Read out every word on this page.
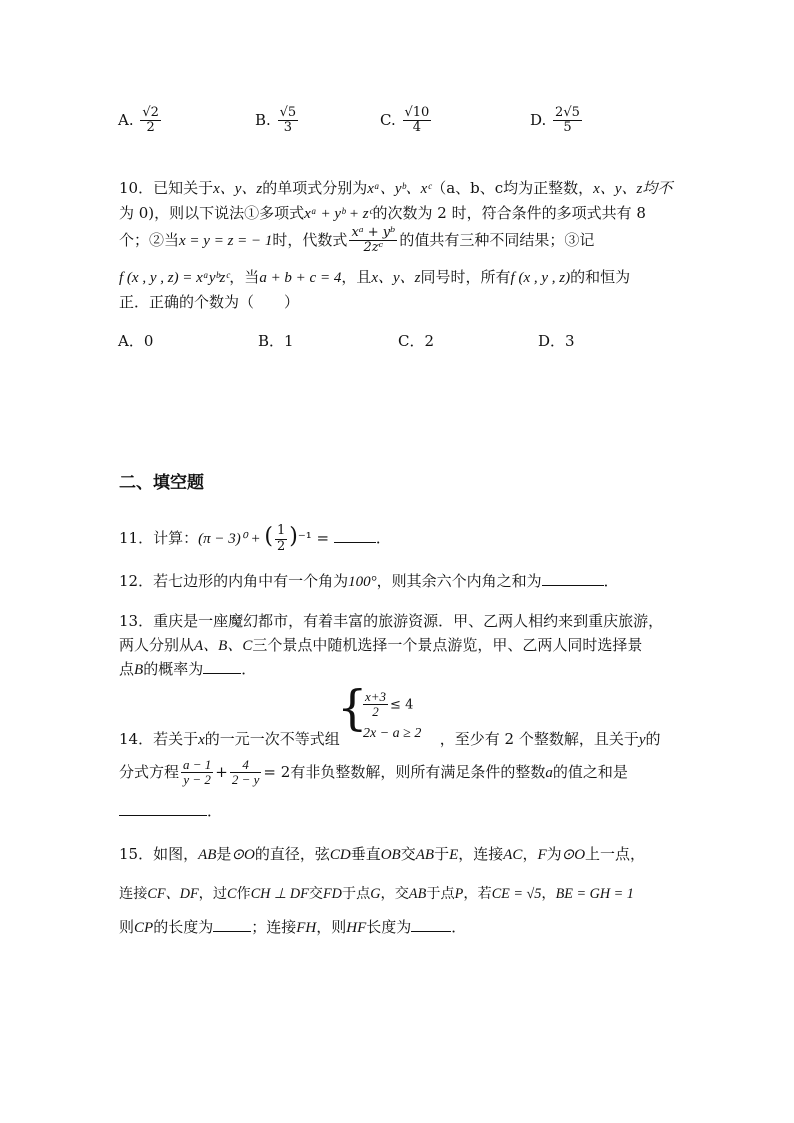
A. $\frac{√2}{2}$	B. $\frac{√5}{3}$	C. $\frac{√10}{4}$	D. $\frac{2√5}{5}$
10．已知关于x、y、z的单项式分别为xᵃ、yᵇ、xᶜ（a、b、c均为正整数，x、y、z均不
为 0)，则以下说法①多项式xᵃ + yᵇ + zᶜ的次数为 2 时，符合条件的多项式共有 8
个；②当x = y = z = − 1时，代数式 $\frac{\text{xᵃ + yᵇ}}{\text{2zᶜ}}$ 的值共有三种不同结果；③记
f (x , y , z) = xᵃyᵇzᶜ，当a + b + c = 4，且x、y、z同号时，所有f (x , y , z)的和恒为
正．正确的个数为（　　）
A．0	B．1	C．2	D．3
二、填空题
11．计算：(π − 3)⁰ + ( $\frac{1}{2} )^{-1}$ =	．
12．若七边形的内角中有一个角为100°，则其余六个内角之和为	．
13．重庆是一座魔幻都市，有着丰富的旅游资源．甲、乙两人相约来到重庆旅游，
两人分别从A、B、C三个景点中随机选择一个景点游览，甲、乙两人同时选择景
点B的概率为	．
{
$\frac{x+3}{2} \le 4$
2x − a ≥ 2
14．若关于x的一元一次不等式组	，至少有 2 个整数解，且关于y的
分式方程 $\frac{a - 1}{y - 2} + \frac{4}{2 - y} = 2$有非负整数解，则所有满足条件的整数a的值之和是
．
15．如图，AB是⊙O的直径，弦CD垂直OB交AB于E，连接AC，F为⊙O上一点，
连接CF、DF，过C作CH ⊥ DF交FD于点G，交AB于点P，若CE = √5，BE = GH = 1
则CP的长度为	；连接FH，则HF长度为	．
